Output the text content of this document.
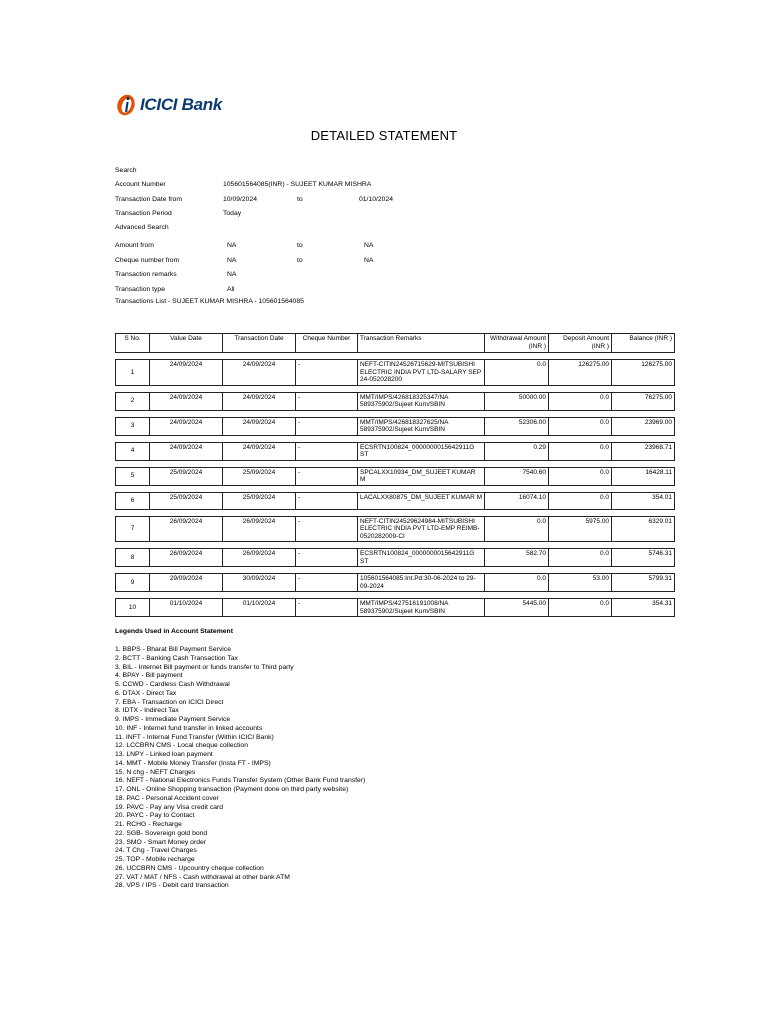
ICICI Bank
DETAILED STATEMENT
Search
Account Number	105601564085(INR) - SUJEET KUMAR MISHRA
Transaction Date from	10/09/2024	to	01/10/2024
Transaction Period	Today
Advanced Search
Amount from	NA	to	NA
Cheque number from	NA	to	NA
Transaction remarks	NA
Transaction type	All
Transactions List - SUJEET KUMAR MISHRA - 105601564085
S No.	Value Date	Transaction Date	Cheque Number	Transaction Remarks	Withdrawal Amount (INR )	Deposit Amount (INR )	Balance (INR )
1	24/09/2024	24/09/2024	-	NEFT-CITIN24526715629-MITSUBISHI ELECTRIC INDIA PVT LTD-SALARY SEP 24-052028200	0.0	126275.00	126275.00
2	24/09/2024	24/09/2024	-	MMT/IMPS/426818325347/NA 589375902/Sujeet Kum/SBIN	50000.00	0.0	76275.00
3	24/09/2024	24/09/2024	-	MMT/IMPS/426818327625/NA 589375902/Sujeet Kum/SBIN	52306.00	0.0	23969.00
4	24/09/2024	24/09/2024	-	ECSRTN100824_0000000015642911G ST	0.29	0.0	23968.71
5	25/09/2024	25/09/2024	-	SPCALXX10934_DM_SUJEET KUMAR M	7540.60	0.0	16428.11
6	25/09/2024	25/09/2024	-	LACALXX80875_DM_SUJEET KUMAR M	16074.10	0.0	354.01
7	26/09/2024	26/09/2024	-	NEFT-CITIN24529624984-MITSUBISHI ELECTRIC INDIA PVT LTD-EMP REIMB-0520282009-CI	0.0	5975.00	6329.01
8	26/09/2024	26/09/2024	-	ECSRTN100824_0000000015642911G ST	582.70	0.0	5746.31
9	29/09/2024	30/09/2024	-	105601564085:Int.Pd:30-06-2024 to 29-09-2024	0.0	53.00	5799.31
10	01/10/2024	01/10/2024	-	MMT/IMPS/427516191008/NA 589375902/Sujeet Kum/SBIN	5445.00	0.0	354.31
Legends Used in Account Statement
1. BBPS - Bharat Bill Payment Service
2. BCTT - Banking Cash Transaction Tax
3. BIL - Internet Bill payment or funds transfer to Third party
4. BPAY - Bill payment
5. CCWD - Cardless Cash Withdrawal
6. DTAX - Direct Tax
7. EBA - Transaction on ICICI Direct
8. IDTX - Indirect Tax
9. IMPS - Immediate Payment Service
10. INF - Internet fund transfer in linked accounts
11. INFT - Internal Fund Transfer (Within ICICI Bank)
12. LCCBRN CMS - Local cheque collection
13. LNPY - Linked loan payment
14. MMT - Mobile Money Transfer (Insta FT - IMPS)
15. N chg - NEFT Charges
16. NEFT - National Electronics Funds Transfer System (Other Bank Fund transfer)
17. ONL - Online Shopping transaction (Payment done on third party website)
18. PAC - Personal Accident cover
19. PAVC - Pay any Visa credit card
20. PAYC - Pay to Contact
21. RCHG - Recharge
22. SGB- Sovereign gold bond
23. SMO - Smart Money order
24. T Chg - Travel Charges
25. TOP - Mobile recharge
26. UCCBRN CMS - Upcountry cheque collection
27. VAT / MAT / NFS - Cash withdrawal at other bank ATM
28. VPS / IPS - Debit card transaction
